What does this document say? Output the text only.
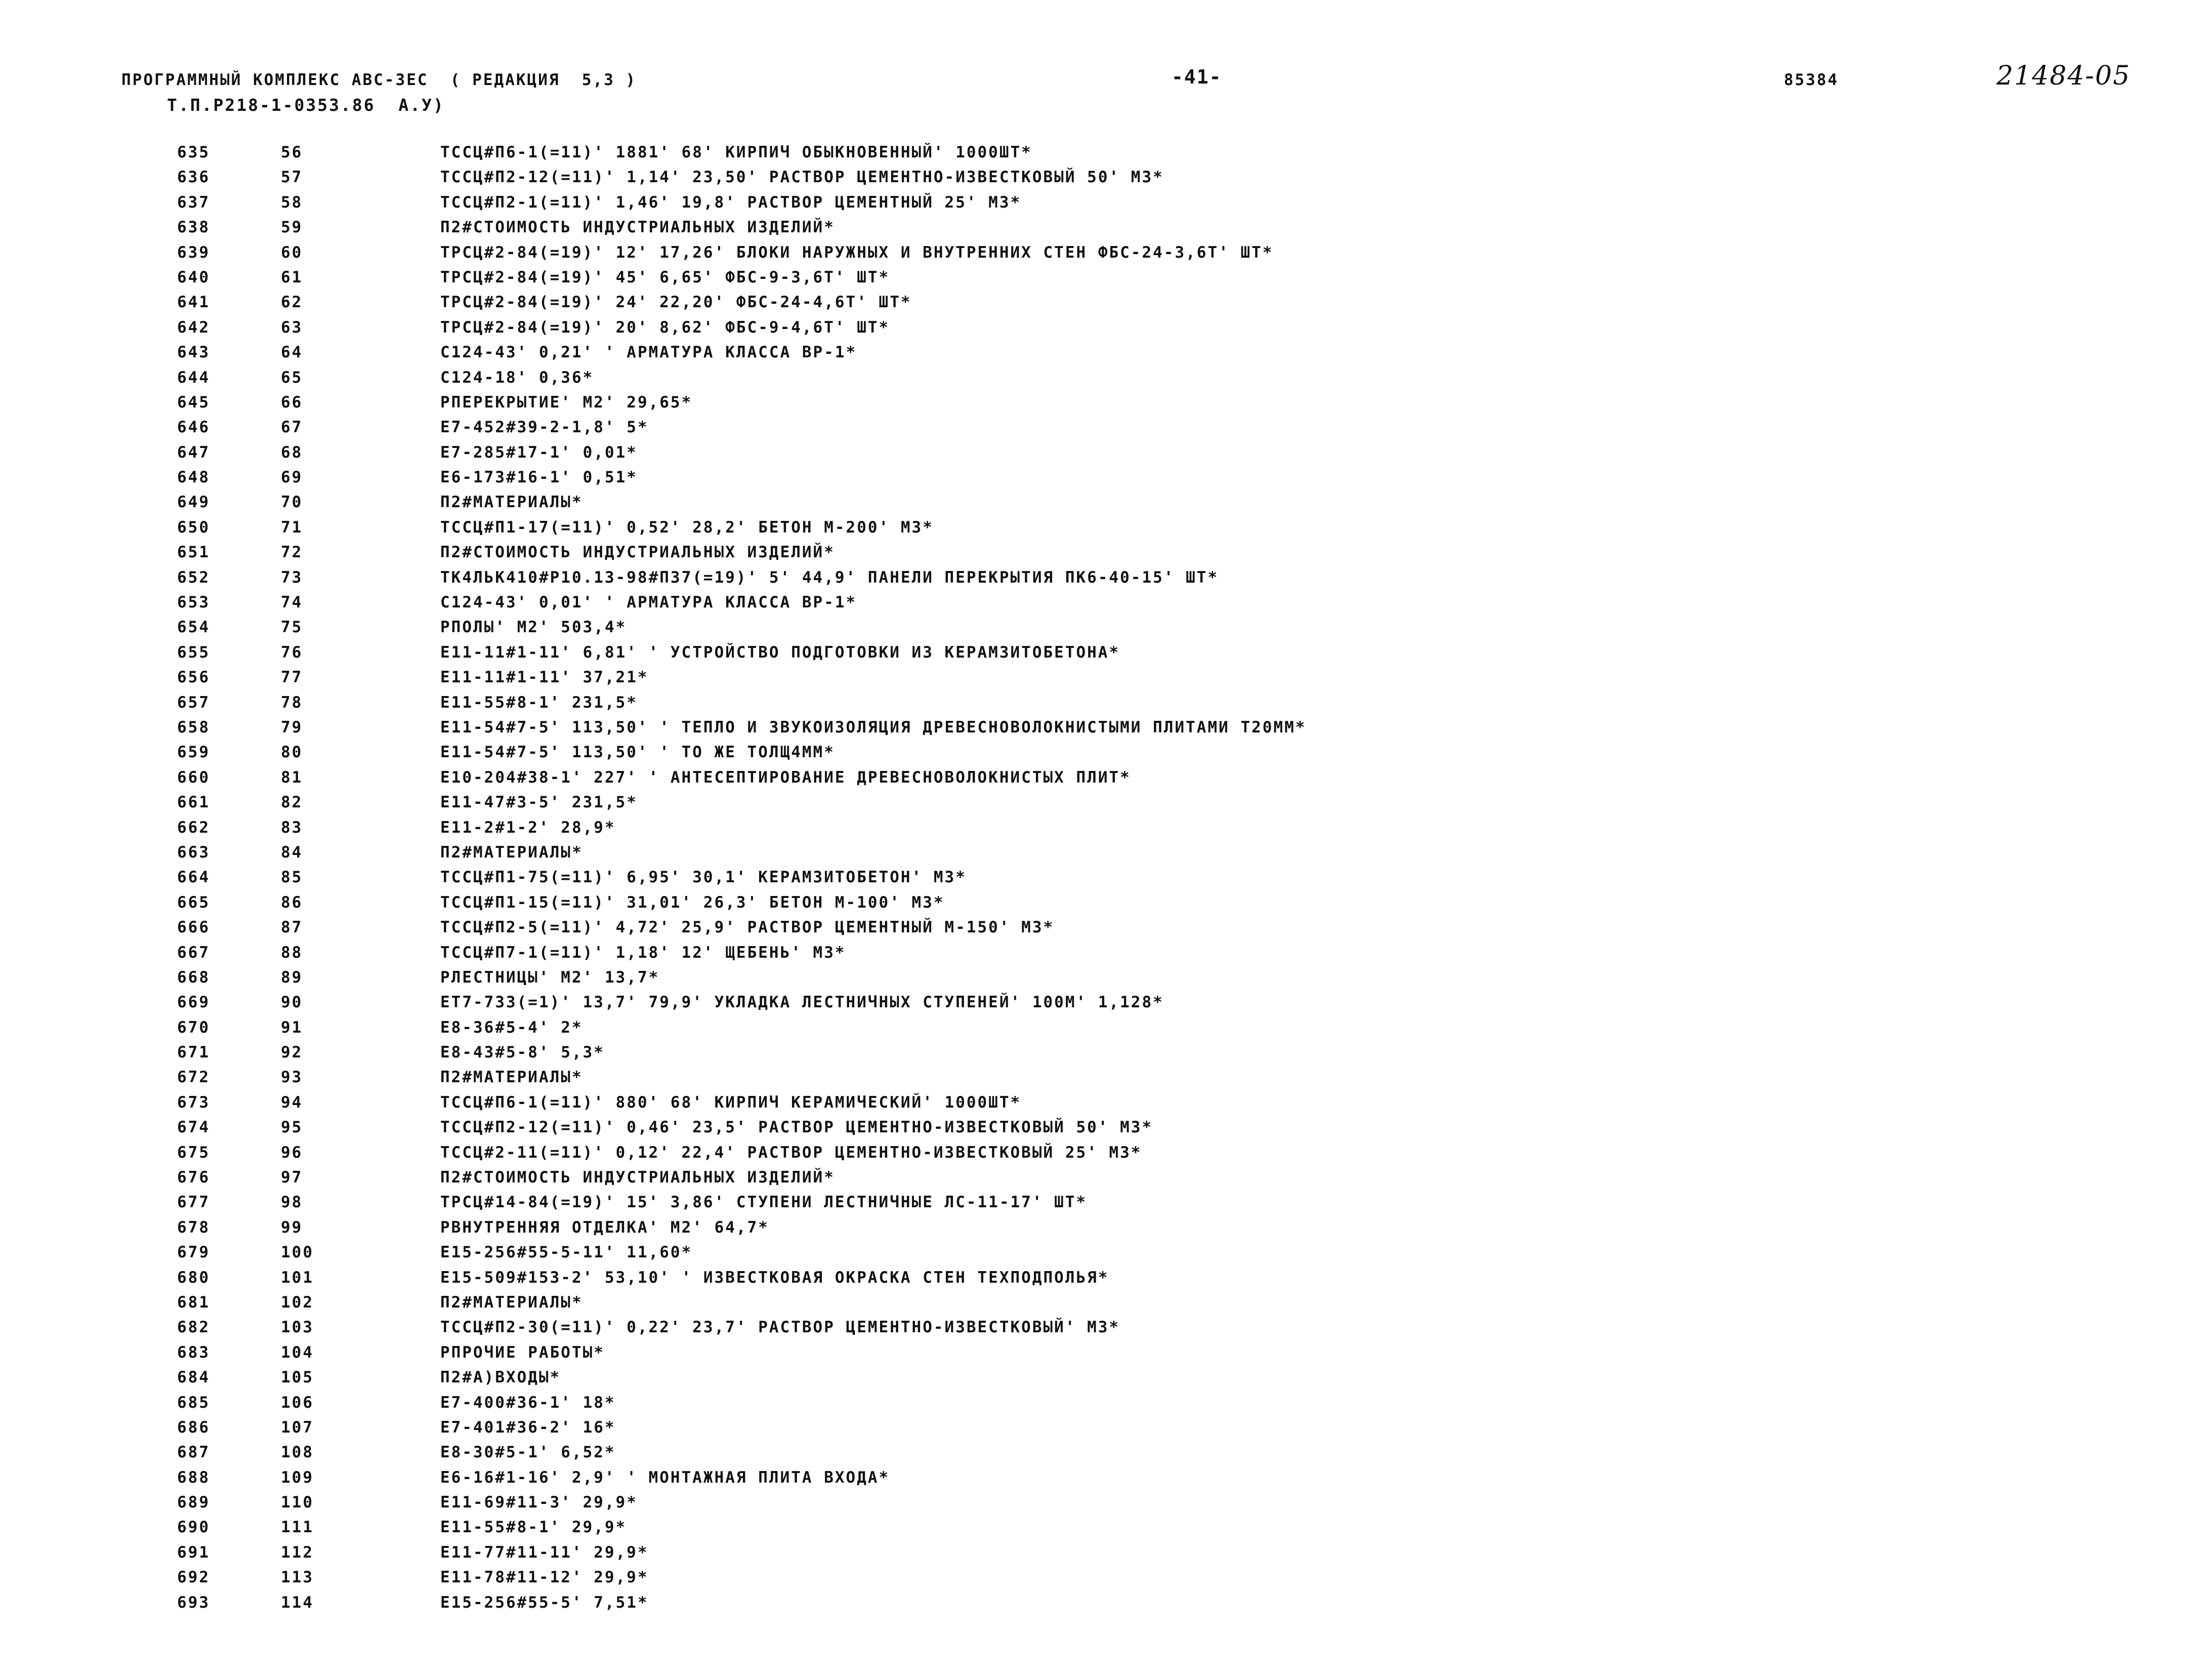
ПРОГРАММНЫЙ КОМПЛЕКС АВС-ЗЕС  ( РЕДАКЦИЯ  5,3 )
Т.П.Р218-1-0353.86  А.У)
-41-	85384	21484-05
635	56	ТССЦ#П6-1(=11)' 1881' 68' КИРПИЧ ОБЫКНОВЕННЫЙ' 1000ШТ*
636	57	ТССЦ#П2-12(=11)' 1,14' 23,50' РАСТВОР ЦЕМЕНТНО-ИЗВЕСТКОВЫЙ 50' М3*
637	58	ТССЦ#П2-1(=11)' 1,46' 19,8' РАСТВОР ЦЕМЕНТНЫЙ 25' М3*
638	59	П2#СТОИМОСТЬ ИНДУСТРИАЛЬНЫХ ИЗДЕЛИЙ*
639	60	ТРСЦ#2-84(=19)' 12' 17,26' БЛОКИ НАРУЖНЫХ И ВНУТРЕННИХ СТЕН ФБС-24-3,6Т' ШТ*
640	61	ТРСЦ#2-84(=19)' 45' 6,65' ФБС-9-3,6Т' ШТ*
641	62	ТРСЦ#2-84(=19)' 24' 22,20' ФБС-24-4,6Т' ШТ*
642	63	ТРСЦ#2-84(=19)' 20' 8,62' ФБС-9-4,6Т' ШТ*
643	64	С124-43' 0,21' ' АРМАТУРА КЛАССА ВР-1*
644	65	С124-18' 0,36*
645	66	РПЕРЕКРЫТИЕ' М2' 29,65*
646	67	Е7-452#39-2-1,8' 5*
647	68	Е7-285#17-1' 0,01*
648	69	Е6-173#16-1' 0,51*
649	70	П2#МАТЕРИАЛЫ*
650	71	ТССЦ#П1-17(=11)' 0,52' 28,2' БЕТОН М-200' М3*
651	72	П2#СТОИМОСТЬ ИНДУСТРИАЛЬНЫХ ИЗДЕЛИЙ*
652	73	ТК4ЛЬК410#Р10.13-98#П37(=19)' 5' 44,9' ПАНЕЛИ ПЕРЕКРЫТИЯ ПК6-40-15' ШТ*
653	74	С124-43' 0,01' ' АРМАТУРА КЛАССА ВР-1*
654	75	РПОЛЫ' М2' 503,4*
655	76	Е11-11#1-11' 6,81' ' УСТРОЙСТВО ПОДГОТОВКИ ИЗ КЕРАМЗИТОБЕТОНА*
656	77	Е11-11#1-11' 37,21*
657	78	Е11-55#8-1' 231,5*
658	79	Е11-54#7-5' 113,50' ' ТЕПЛО И ЗВУКОИЗОЛЯЦИЯ ДРЕВЕСНОВОЛОКНИСТЫМИ ПЛИТАМИ Т20ММ*
659	80	Е11-54#7-5' 113,50' ' ТО ЖЕ ТОЛЩ4ММ*
660	81	Е10-204#38-1' 227' ' АНТЕСЕПТИРОВАНИЕ ДРЕВЕСНОВОЛОКНИСТЫХ ПЛИТ*
661	82	Е11-47#3-5' 231,5*
662	83	Е11-2#1-2' 28,9*
663	84	П2#МАТЕРИАЛЫ*
664	85	ТССЦ#П1-75(=11)' 6,95' 30,1' КЕРАМЗИТОБЕТОН' М3*
665	86	ТССЦ#П1-15(=11)' 31,01' 26,3' БЕТОН М-100' М3*
666	87	ТССЦ#П2-5(=11)' 4,72' 25,9' РАСТВОР ЦЕМЕНТНЫЙ М-150' М3*
667	88	ТССЦ#П7-1(=11)' 1,18' 12' ЩЕБЕНЬ' М3*
668	89	РЛЕСТНИЦЫ' М2' 13,7*
669	90	ЕТ7-733(=1)' 13,7' 79,9' УКЛАДКА ЛЕСТНИЧНЫХ СТУПЕНЕЙ' 100М' 1,128*
670	91	Е8-36#5-4' 2*
671	92	Е8-43#5-8' 5,3*
672	93	П2#МАТЕРИАЛЫ*
673	94	ТССЦ#П6-1(=11)' 880' 68' КИРПИЧ КЕРАМИЧЕСКИЙ' 1000ШТ*
674	95	ТССЦ#П2-12(=11)' 0,46' 23,5' РАСТВОР ЦЕМЕНТНО-ИЗВЕСТКОВЫЙ 50' М3*
675	96	ТССЦ#2-11(=11)' 0,12' 22,4' РАСТВОР ЦЕМЕНТНО-ИЗВЕСТКОВЫЙ 25' М3*
676	97	П2#СТОИМОСТЬ ИНДУСТРИАЛЬНЫХ ИЗДЕЛИЙ*
677	98	ТРСЦ#14-84(=19)' 15' 3,86' СТУПЕНИ ЛЕСТНИЧНЫЕ ЛС-11-17' ШТ*
678	99	РВНУТРЕННЯЯ ОТДЕЛКА' М2' 64,7*
679	100	Е15-256#55-5-11' 11,60*
680	101	Е15-509#153-2' 53,10' ' ИЗВЕСТКОВАЯ ОКРАСКА СТЕН ТЕХПОДПОЛЬЯ*
681	102	П2#МАТЕРИАЛЫ*
682	103	ТССЦ#П2-30(=11)' 0,22' 23,7' РАСТВОР ЦЕМЕНТНО-ИЗВЕСТКОВЫЙ' М3*
683	104	РПРОЧИЕ РАБОТЫ*
684	105	П2#А)ВХОДЫ*
685	106	Е7-400#36-1' 18*
686	107	Е7-401#36-2' 16*
687	108	Е8-30#5-1' 6,52*
688	109	Е6-16#1-16' 2,9' ' МОНТАЖНАЯ ПЛИТА ВХОДА*
689	110	Е11-69#11-3' 29,9*
690	111	Е11-55#8-1' 29,9*
691	112	Е11-77#11-11' 29,9*
692	113	Е11-78#11-12' 29,9*
693	114	Е15-256#55-5' 7,51*
